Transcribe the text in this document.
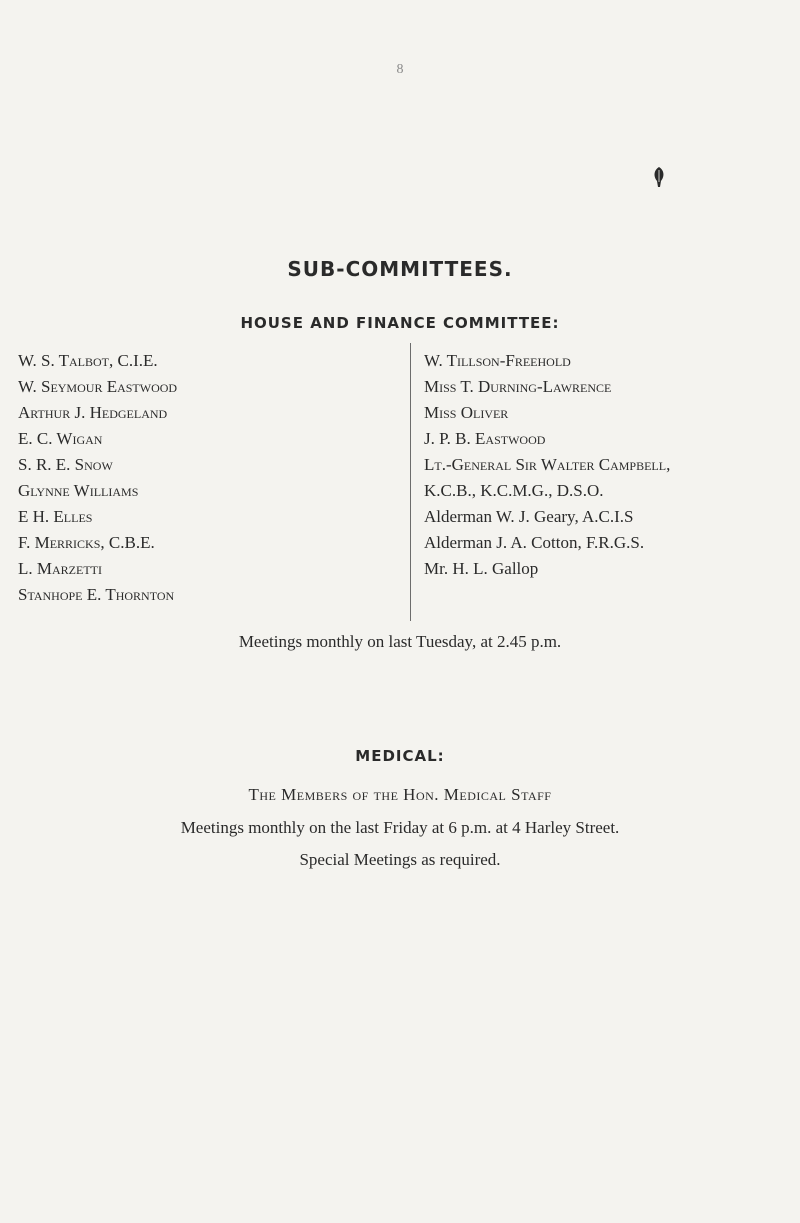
8
SUB-COMMITTEES.
HOUSE AND FINANCE COMMITTEE:
W. S. Talbot, C.I.E.
W. Seymour Eastwood
Arthur J. Hedgeland
E. C. Wigan
S. R. E. Snow
Glynne Williams
E H. Elles
F. Merricks, C.B.E.
L. Marzetti
Stanhope E. Thornton
W. Tillson-Freehold
Miss T. Durning-Lawrence
Miss Oliver
J. P. B. Eastwood
Lt.-General Sir Walter Campbell,
K.C.B., K.C.M.G., D.S.O.
Alderman W. J. Geary, A.C.I.S
Alderman J. A. Cotton, F.R.G.S.
Mr. H. L. Gallop
Meetings monthly on last Tuesday, at 2.45 p.m.
MEDICAL:
The Members of the Hon. Medical Staff
Meetings monthly on the last Friday at 6 p.m. at 4 Harley Street.
Special Meetings as required.
